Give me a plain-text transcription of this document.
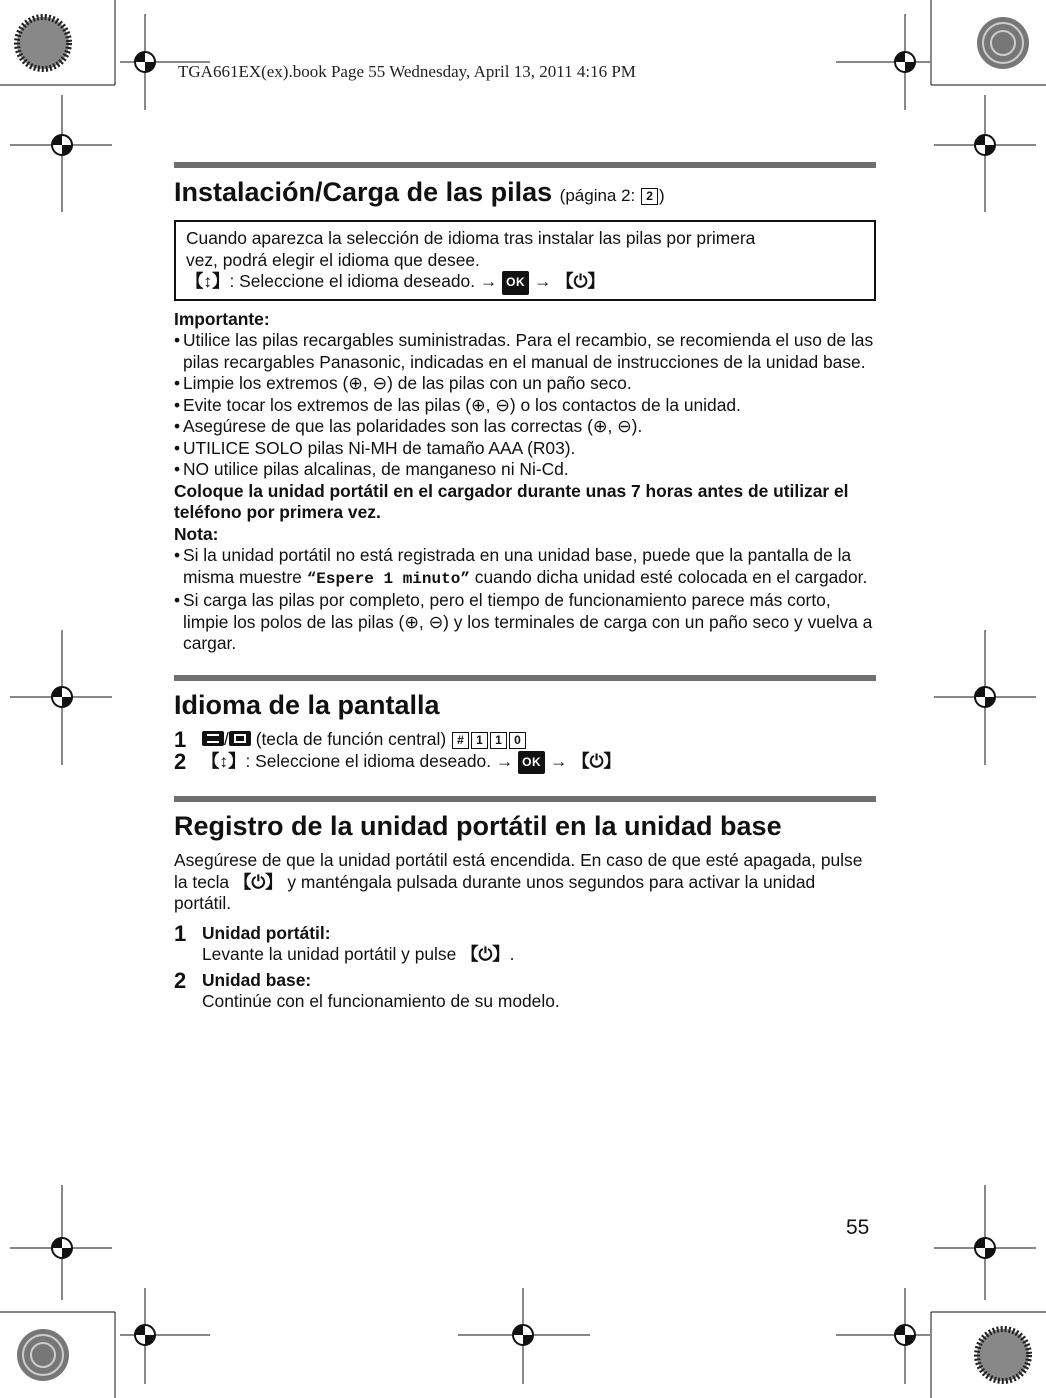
TGA661EX(ex).book Page 55 Wednesday, April 13, 2011 4:16 PM
Instalación/Carga de las pilas (página 2: 2 )
Cuando aparezca la selección de idioma tras instalar las pilas por primera
vez, podrá elegir el idioma que desee.
【↕】: Seleccione el idioma deseado. → OK → 【⏻】
Importante:
• Utilice las pilas recargables suministradas. Para el recambio, se recomienda el uso de las pilas recargables Panasonic, indicadas en el manual de instrucciones de la unidad base.
• Limpie los extremos (⊕, ⊖) de las pilas con un paño seco.
• Evite tocar los extremos de las pilas (⊕, ⊖) o los contactos de la unidad.
• Asegúrese de que las polaridades son las correctas (⊕, ⊖).
• UTILICE SOLO pilas Ni-MH de tamaño AAA (R03).
• NO utilice pilas alcalinas, de manganeso ni Ni-Cd.
Coloque la unidad portátil en el cargador durante unas 7 horas antes de utilizar el teléfono por primera vez.
Nota:
• Si la unidad portátil no está registrada en una unidad base, puede que la pantalla de la misma muestre “Espere 1 minuto” cuando dicha unidad esté colocada en el cargador.
• Si carga las pilas por completo, pero el tiempo de funcionamiento parece más corto, limpie los polos de las pilas (⊕, ⊖) y los terminales de carga con un paño seco y vuelva a cargar.
Idioma de la pantalla
1	/ (tecla de función central) # 1 1 0
2 【↕】: Seleccione el idioma deseado. → OK → 【⏻】
Registro de la unidad portátil en la unidad base
Asegúrese de que la unidad portátil está encendida. En caso de que esté apagada, pulse la tecla 【⏻】 y manténgala pulsada durante unos segundos para activar la unidad portátil.
1 Unidad portátil:
Levante la unidad portátil y pulse 【⏻】.
2 Unidad base:
Continúe con el funcionamiento de su modelo.
55
